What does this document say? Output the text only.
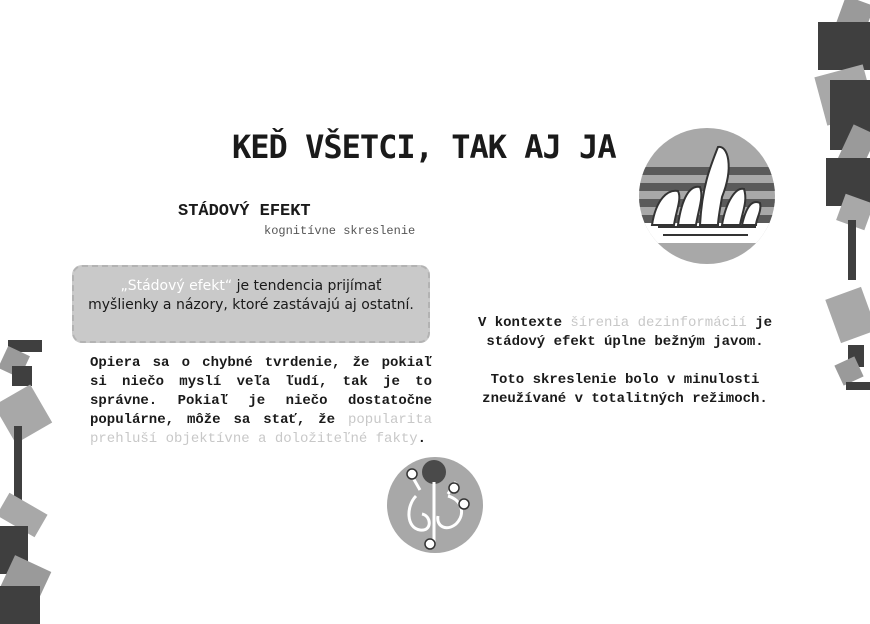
KEĎ VŠETCI, TAK AJ JA
STÁDOVÝ EFEKT
kognitívne skreslenie
„Stádový efekt“ je tendencia prijímať myšlienky a názory, ktoré zastávajú aj ostatní.
Opiera sa o chybné tvrdenie, že pokiaľ si niečo myslí veľa ľudí, tak je to správne. Pokiaľ je niečo dostatočne populárne, môže sa stať, že popularita prehluší objektívne a doložiteľné fakty.

V kontexte šírenia dezinformácií je stádový efekt úplne bežným javom.

Toto skreslenie bolo v minulosti zneužívané v totalitných režimoch.
